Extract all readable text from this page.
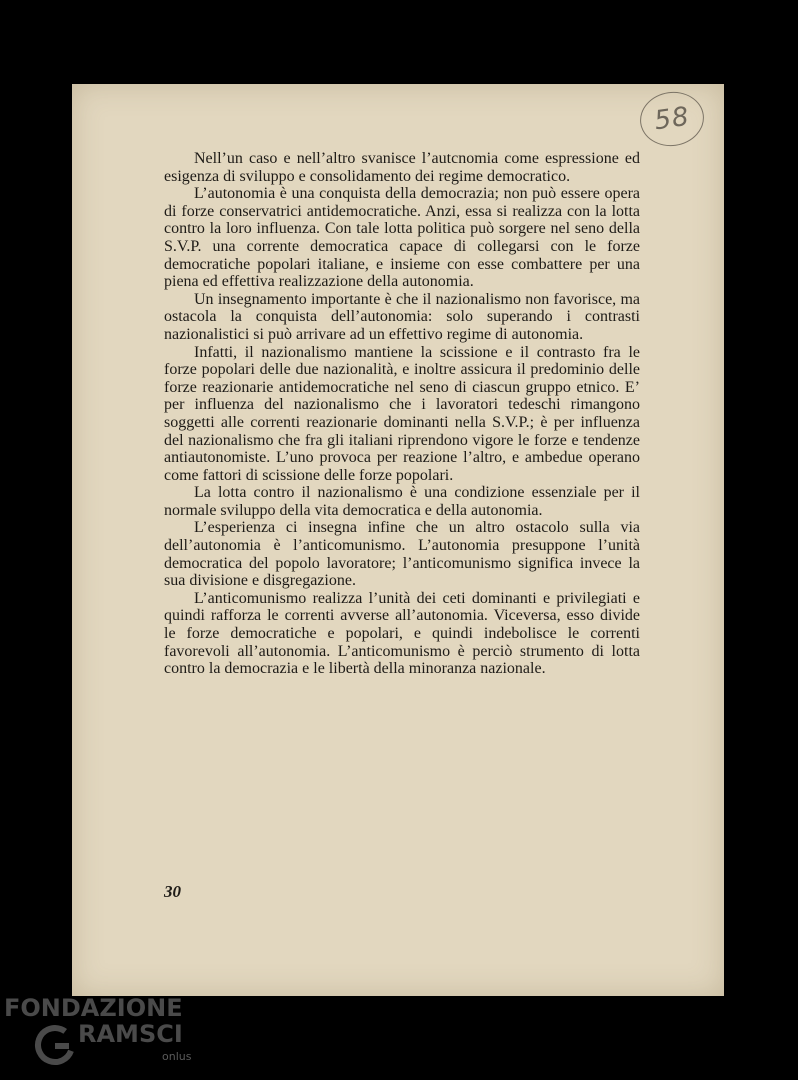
58

Nell’un caso e nell’altro svanisce l’autcnomia come espressione ed esigenza di sviluppo e consolidamento dei regime democratico.

L’autonomia è una conquista della democrazia; non può essere opera di forze conservatrici antidemocratiche. Anzi, essa si realizza con la lotta contro la loro influenza. Con tale lotta politica può sorgere nel seno della S.V.P. una corrente democratica capace di collegarsi con le forze democratiche popolari italiane, e insieme con esse combattere per una piena ed effettiva realizzazione della autonomia.

Un insegnamento importante è che il nazionalismo non favorisce, ma ostacola la conquista dell’autonomia: solo superando i contrasti nazionalistici si può arrivare ad un effettivo regime di autonomia.

Infatti, il nazionalismo mantiene la scissione e il contrasto fra le forze popolari delle due nazionalità, e inoltre assicura il predominio delle forze reazionarie antidemocratiche nel seno di ciascun gruppo etnico. E’ per influenza del nazionalismo che i lavoratori tedeschi rimangono soggetti alle correnti reazionarie dominanti nella S.V.P.; è per influenza del nazionalismo che fra gli italiani riprendono vigore le forze e tendenze antiautonomiste. L’uno provoca per reazione l’altro, e ambedue operano come fattori di scissione delle forze popolari.

La lotta contro il nazionalismo è una condizione essenziale per il normale sviluppo della vita democratica e della autonomia.

L’esperienza ci insegna infine che un altro ostacolo sulla via dell’autonomia è l’anticomunismo. L’autonomia presuppone l’unità democratica del popolo lavoratore; l’anticomunismo significa invece la sua divisione e disgregazione.

L’anticomunismo realizza l’unità dei ceti dominanti e privilegiati e quindi rafforza le correnti avverse all’autonomia. Viceversa, esso divide le forze democratiche e popolari, e quindi indebolisce le correnti favorevoli all’autonomia. L’anticomunismo è perciò strumento di lotta contro la democrazia e le libertà della minoranza nazionale.

30
FONDAZIONE
G
RAMSCI
onlus
